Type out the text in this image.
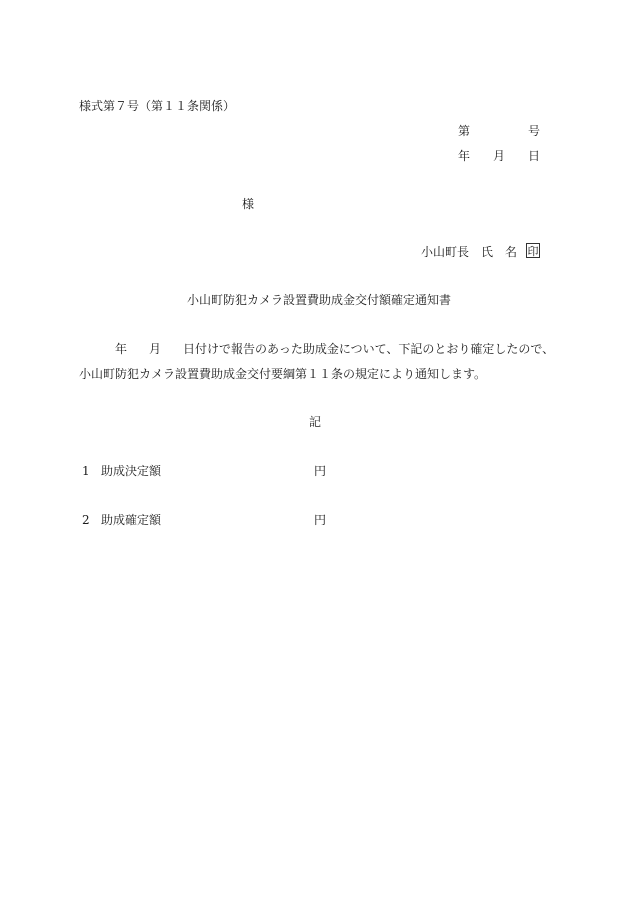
様式第７号（第１１条関係）
第	号
年 月 日
様
小山町長 氏 名 印
小山町防犯カメラ設置費助成金交付額確定通知書
年 月 日付けで報告のあった助成金について、下記のとおり確定したので、
小山町防犯カメラ設置費助成金交付要綱第１１条の規定により通知します。
記
1 助成決定額	円
2 助成確定額	円
